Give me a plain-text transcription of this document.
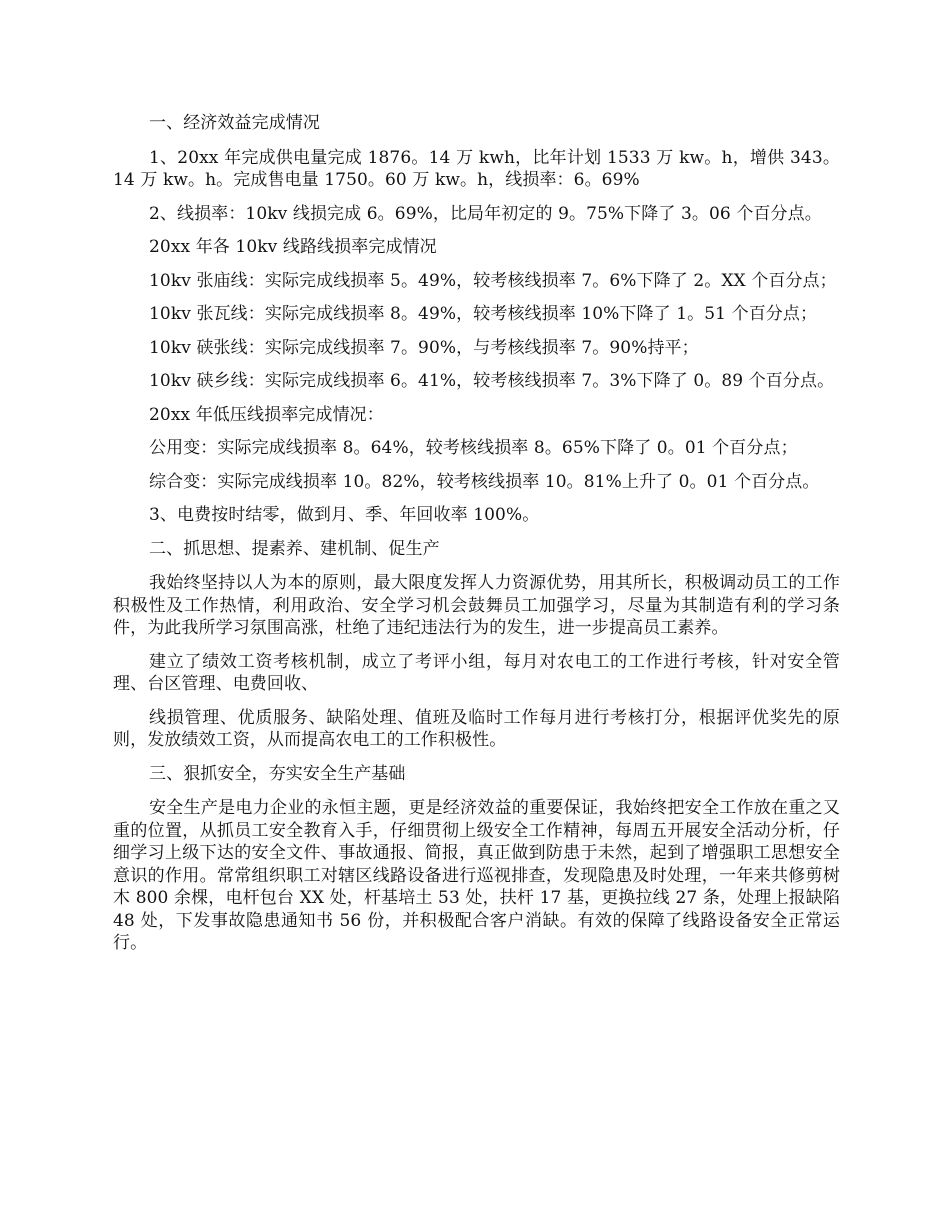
一、经济效益完成情况

1、20xx 年完成供电量完成 1876。14 万 kwh，比年计划 1533 万 kw。h，增供 343。14 万 kw。h。完成售电量 1750。60 万 kw。h，线损率：6。69%

2、线损率：10kv 线损完成 6。69%，比局年初定的 9。75%下降了 3。06 个百分点。

20xx 年各 10kv 线路线损率完成情况

10kv 张庙线：实际完成线损率 5。49%，较考核线损率 7。6%下降了 2。XX 个百分点；

10kv 张瓦线：实际完成线损率 8。49%，较考核线损率 10%下降了 1。51 个百分点；

10kv 硖张线：实际完成线损率 7。90%，与考核线损率 7。90%持平；

10kv 硖乡线：实际完成线损率 6。41%，较考核线损率 7。3%下降了 0。89 个百分点。

20xx 年低压线损率完成情况：

公用变：实际完成线损率 8。64%，较考核线损率 8。65%下降了 0。01 个百分点；

综合变：实际完成线损率 10。82%，较考核线损率 10。81%上升了 0。01 个百分点。

3、电费按时结零，做到月、季、年回收率 100%。

二、抓思想、提素养、建机制、促生产

我始终坚持以人为本的原则，最大限度发挥人力资源优势，用其所长，积极调动员工的工作积极性及工作热情，利用政治、安全学习机会鼓舞员工加强学习，尽量为其制造有利的学习条件，为此我所学习氛围高涨，杜绝了违纪违法行为的发生，进一步提高员工素养。

建立了绩效工资考核机制，成立了考评小组，每月对农电工的工作进行考核，针对安全管理、台区管理、电费回收、

线损管理、优质服务、缺陷处理、值班及临时工作每月进行考核打分，根据评优奖先的原则，发放绩效工资，从而提高农电工的工作积极性。

三、狠抓安全，夯实安全生产基础

安全生产是电力企业的永恒主题，更是经济效益的重要保证，我始终把安全工作放在重之又重的位置，从抓员工安全教育入手，仔细贯彻上级安全工作精神，每周五开展安全活动分析，仔细学习上级下达的安全文件、事故通报、简报，真正做到防患于未然，起到了增强职工思想安全意识的作用。常常组织职工对辖区线路设备进行巡视排查，发现隐患及时处理，一年来共修剪树木 800 余棵，电杆包台 XX 处，杆基培土 53 处，扶杆 17 基，更换拉线 27 条，处理上报缺陷 48 处，下发事故隐患通知书 56 份，并积极配合客户消缺。有效的保障了线路设备安全正常运行。
